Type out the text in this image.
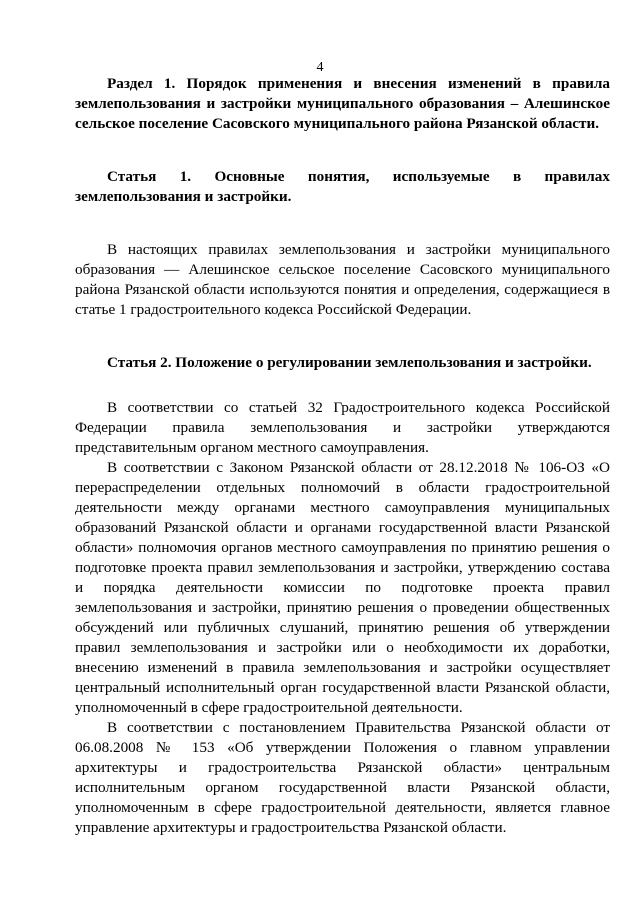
4

Раздел 1. Порядок применения и внесения изменений в правила землепользования и застройки муниципального образования – Алешинское сельское поселение Сасовского муниципального района Рязанской области.

Статья 1. Основные понятия, используемые в правилах землепользования и застройки.

В настоящих правилах землепользования и застройки муниципального образования — Алешинское сельское поселение Сасовского муниципального района Рязанской области используются понятия и определения, содержащиеся в статье 1 градостроительного кодекса Российской Федерации.

Статья 2. Положение о регулировании землепользования и застройки.

В соответствии со статьей 32 Градостроительного кодекса Российской Федерации правила землепользования и застройки утверждаются представительным органом местного самоуправления.

В соответствии с Законом Рязанской области от 28.12.2018 № 106-ОЗ «О перераспределении отдельных полномочий в области градостроительной деятельности между органами местного самоуправления муниципальных образований Рязанской области и органами государственной власти Рязанской области» полномочия органов местного самоуправления по принятию решения о подготовке проекта правил землепользования и застройки, утверждению состава и порядка деятельности комиссии по подготовке проекта правил землепользования и застройки, принятию решения о проведении общественных обсуждений или публичных слушаний, принятию решения об утверждении правил землепользования и застройки или о необходимости их доработки, внесению изменений в правила землепользования и застройки осуществляет центральный исполнительный орган государственной власти Рязанской области, уполномоченный в сфере градостроительной деятельности.

В соответствии с постановлением Правительства Рязанской области от 06.08.2008 № 153 «Об утверждении Положения о главном управлении архитектуры и градостроительства Рязанской области» центральным исполнительным органом государственной власти Рязанской области, уполномоченным в сфере градостроительной деятельности, является главное управление архитектуры и градостроительства Рязанской области.
